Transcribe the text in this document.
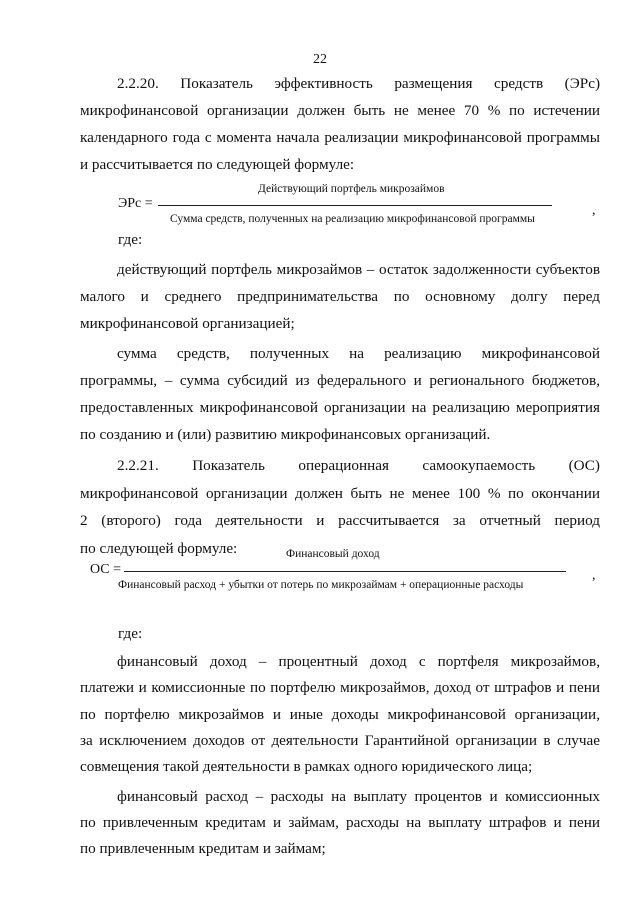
22
2.2.20. Показатель эффективность размещения средств (ЭРс)
микрофинансовой организации должен быть не менее 70 % по истечении
календарного года с момента начала реализации микрофинансовой программы
и рассчитывается по следующей формуле:
Действующий портфель микрозаймов
ЭРс =	,
Сумма средств, полученных на реализацию микрофинансовой программы
где:
действующий портфель микрозаймов – остаток задолженности субъектов
малого и среднего предпринимательства по основному долгу перед
микрофинансовой организацией;
сумма средств, полученных на реализацию микрофинансовой
программы, – сумма субсидий из федерального и регионального бюджетов,
предоставленных микрофинансовой организации на реализацию мероприятия
по созданию и (или) развитию микрофинансовых организаций.
2.2.21. Показатель операционная самоокупаемость (ОС)
микрофинансовой организации должен быть не менее 100 % по окончании
2 (второго) года деятельности и рассчитывается за отчетный период
по следующей формуле:	Финансовый доход
ОС =	,
Финансовый расход + убытки от потерь по микрозаймам + операционные расходы
где:
финансовый доход – процентный доход с портфеля микрозаймов,
платежи и комиссионные по портфелю микрозаймов, доход от штрафов и пени
по портфелю микрозаймов и иные доходы микрофинансовой организации,
за исключением доходов от деятельности Гарантийной организации в случае
совмещения такой деятельности в рамках одного юридического лица;
финансовый расход – расходы на выплату процентов и комиссионных
по привлеченным кредитам и займам, расходы на выплату штрафов и пени
по привлеченным кредитам и займам;
